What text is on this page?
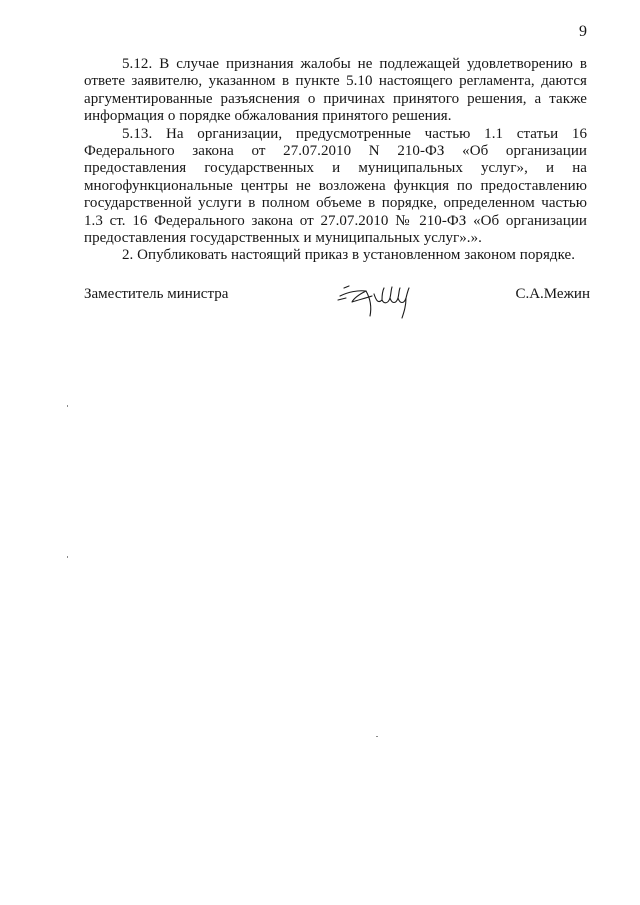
9

5.12. В случае признания жалобы не подлежащей удовлетворению в ответе заявителю, указанном в пункте 5.10 настоящего регламента, даются аргументированные разъяснения о причинах принятого решения, а также информация о порядке обжалования принятого решения.

5.13. На организации, предусмотренные частью 1.1 статьи 16 Федерального закона от 27.07.2010 N 210-ФЗ «Об организации предоставления государственных и муниципальных услуг», и на многофункциональные центры не возложена функция по предоставлению государственной услуги в полном объеме в порядке, определенном частью 1.3 ст. 16 Федерального закона от 27.07.2010 № 210-ФЗ «Об организации предоставления государственных и муниципальных услуг».».

2. Опубликовать настоящий приказ в установленном законом порядке.

Заместитель министра	С.А.Межин
